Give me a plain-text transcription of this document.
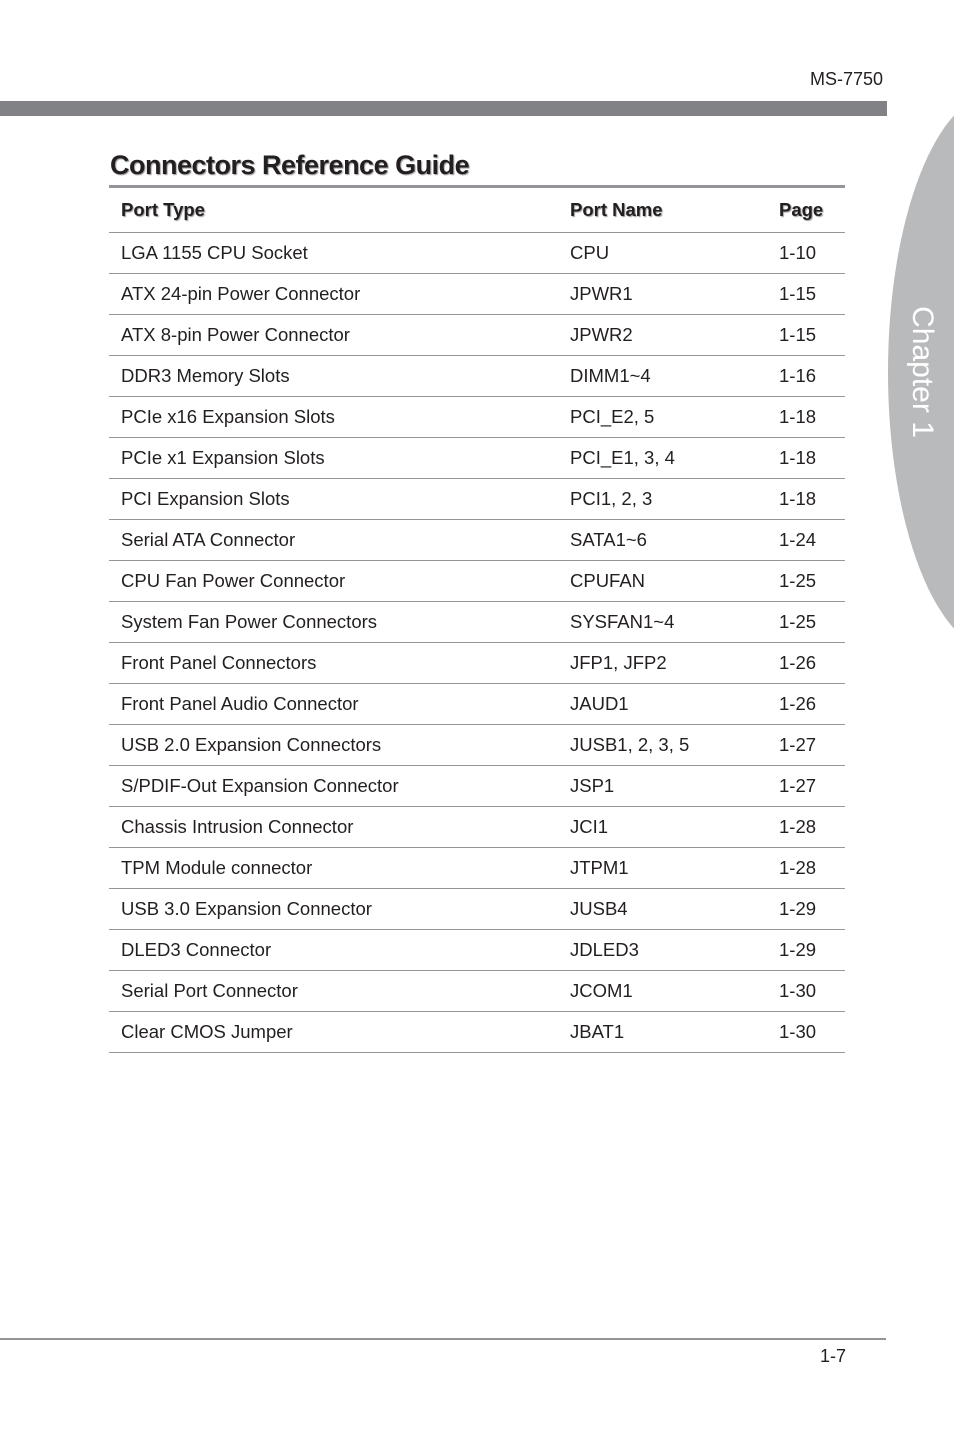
MS-7750
Chapter 1
Connectors Reference Guide
Port Type	Port Name	Page
LGA 1155 CPU Socket	CPU	1-10
ATX 24-pin Power Connector	JPWR1	1-15
ATX 8-pin Power Connector	JPWR2	1-15
DDR3 Memory Slots	DIMM1~4	1-16
PCIe x16 Expansion Slots	PCI_E2, 5	1-18
PCIe x1 Expansion Slots	PCI_E1, 3, 4	1-18
PCI Expansion Slots	PCI1, 2, 3	1-18
Serial ATA Connector	SATA1~6	1-24
CPU Fan Power Connector	CPUFAN	1-25
System Fan Power Connectors	SYSFAN1~4	1-25
Front Panel Connectors	JFP1, JFP2	1-26
Front Panel Audio Connector	JAUD1	1-26
USB 2.0 Expansion Connectors	JUSB1, 2, 3, 5	1-27
S/PDIF-Out Expansion Connector	JSP1	1-27
Chassis Intrusion Connector	JCI1	1-28
TPM Module connector	JTPM1	1-28
USB 3.0 Expansion Connector	JUSB4	1-29
DLED3 Connector	JDLED3	1-29
Serial Port Connector	JCOM1	1-30
Clear CMOS Jumper	JBAT1	1-30
1-7
